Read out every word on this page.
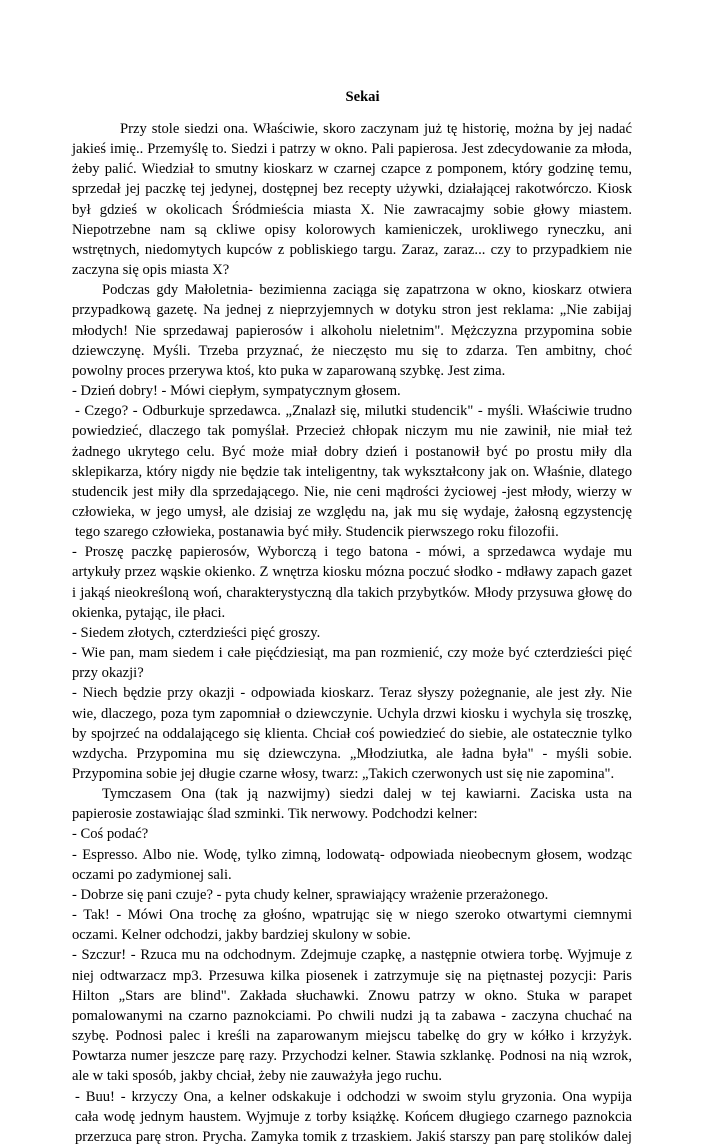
Sekai
Przy stole siedzi ona. Właściwie, skoro zaczynam już tę historię, można by jej nadać
jakieś imię.. Przemyślę to. Siedzi i patrzy w okno. Pali papierosa. Jest zdecydowanie za młoda,
żeby palić. Wiedział to smutny kioskarz w czarnej czapce z pomponem, który godzinę temu,
sprzedał jej paczkę tej jedynej, dostępnej bez recepty używki, działającej rakotwórczo. Kiosk
był gdzieś w okolicach Śródmieścia miasta X. Nie zawracajmy sobie głowy miastem.
Niepotrzebne nam są ckliwe opisy kolorowych kamieniczek, urokliwego ryneczku, ani
wstrętnych, niedomytych kupców z pobliskiego targu. Zaraz, zaraz... czy to przypadkiem nie
zaczyna się opis miasta X?
Podczas gdy Małoletnia- bezimienna zaciąga się zapatrzona w okno, kioskarz otwiera
przypadkową gazetę. Na jednej z nieprzyjemnych w dotyku stron jest reklama: „Nie zabijaj
młodych! Nie sprzedawaj papierosów i alkoholu nieletnim". Mężczyzna przypomina sobie
dziewczynę. Myśli. Trzeba przyznać, że nieczęsto mu się to zdarza. Ten ambitny, choć
powolny proces przerywa ktoś, kto puka w zaparowaną szybkę. Jest zima.
- Dzień dobry! - Mówi ciepłym, sympatycznym głosem.
- Czego? - Odburkuje sprzedawca. „Znalazł się, milutki studencik" - myśli. Właściwie trudno
powiedzieć, dlaczego tak pomyślał. Przecież chłopak niczym mu nie zawinił, nie miał też
żadnego ukrytego celu. Być może miał dobry dzień i postanowił być po prostu miły dla
sklepikarza, który nigdy nie będzie tak inteligentny, tak wykształcony jak on. Właśnie, dlatego
studencik jest miły dla sprzedającego. Nie, nie ceni mądrości życiowej -jest młody, wierzy w
człowieka, w jego umysł, ale dzisiaj ze względu na, jak mu się wydaje, żałosną egzystencję
tego szarego człowieka, postanawia być miły. Studencik pierwszego roku filozofii.
- Proszę paczkę papierosów, Wyborczą i tego batona - mówi, a sprzedawca wydaje mu
artykuły przez wąskie okienko. Z wnętrza kiosku mózna poczuć słodko - mdławy zapach gazet
i jakąś nieokreśloną woń, charakterystyczną dla takich przybytków. Młody przysuwa głowę do
okienka, pytając, ile płaci.
- Siedem złotych, czterdzieści pięć groszy.
- Wie pan, mam siedem i całe pięćdziesiąt, ma pan rozmienić, czy może być czterdzieści pięć
przy okazji?
- Niech będzie przy okazji - odpowiada kioskarz. Teraz słyszy pożegnanie, ale jest zły. Nie
wie, dlaczego, poza tym zapomniał o dziewczynie. Uchyla drzwi kiosku i wychyla się troszkę,
by spojrzeć na oddalającego się klienta. Chciał coś powiedzieć do siebie, ale ostatecznie tylko
wzdycha. Przypomina mu się dziewczyna. „Młodziutka, ale ładna była" - myśli sobie.
Przypomina sobie jej długie czarne włosy, twarz: „Takich czerwonych ust się nie zapomina".
Tymczasem Ona (tak ją nazwijmy) siedzi dalej w tej kawiarni. Zaciska usta na
papierosie zostawiając ślad szminki. Tik nerwowy. Podchodzi kelner:
- Coś podać?
- Espresso. Albo nie. Wodę, tylko zimną, lodowatą- odpowiada nieobecnym głosem, wodząc
oczami po zadymionej sali.
- Dobrze się pani czuje? - pyta chudy kelner, sprawiający wrażenie przerażonego.
- Tak! - Mówi Ona trochę za głośno, wpatrując się w niego szeroko otwartymi ciemnymi
oczami. Kelner odchodzi, jakby bardziej skulony w sobie.
- Szczur! - Rzuca mu na odchodnym. Zdejmuje czapkę, a następnie otwiera torbę. Wyjmuje z
niej odtwarzacz mp3. Przesuwa kilka piosenek i zatrzymuje się na piętnastej pozycji: Paris
Hilton „Stars are blind". Zakłada słuchawki. Znowu patrzy w okno. Stuka w parapet
pomalowanymi na czarno paznokciami. Po chwili nudzi ją ta zabawa - zaczyna chuchać na
szybę. Podnosi palec i kreśli na zaparowanym miejscu tabelkę do gry w kółko i krzyżyk.
Powtarza numer jeszcze parę razy. Przychodzi kelner. Stawia szklankę. Podnosi na nią wzrok,
ale w taki sposób, jakby chciał, żeby nie zauważyła jego ruchu.
- Buu! - krzyczy Ona, a kelner odskakuje i odchodzi w swoim stylu gryzonia. Ona wypija
cała wodę jednym haustem. Wyjmuje z torby książkę. Końcem długiego czarnego paznokcia
przerzuca parę stron. Prycha. Zamyka tomik z trzaskiem. Jakiś starszy pan parę stolików dalej
